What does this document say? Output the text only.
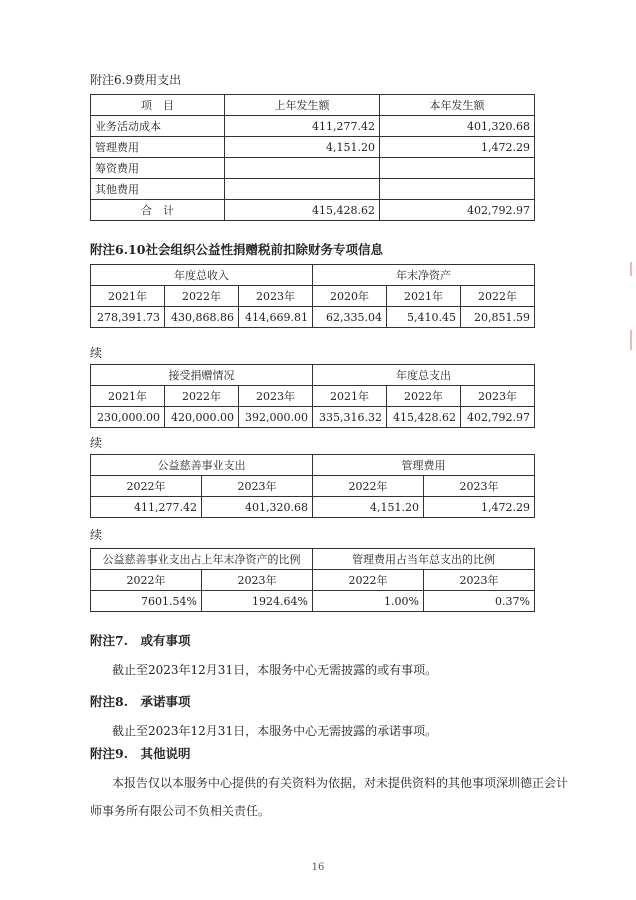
附注6.9费用支出
项　目	上年发生额	本年发生额
业务活动成本	411,277.42	401,320.68
管理费用	4,151.20	1,472.29
筹资费用		
其他费用		
合　计	415,428.62	402,792.97
附注6.10社会组织公益性捐赠税前扣除财务专项信息
年度总收入			年末净资产		
2021年	2022年	2023年	2020年	2021年	2022年
278,391.73	430,868.86	414,669.81	62,335.04	5,410.45	20,851.59
续
接受捐赠情况			年度总支出		
2021年	2022年	2023年	2021年	2022年	2023年
230,000.00	420,000.00	392,000.00	335,316.32	415,428.62	402,792.97
续
公益慈善事业支出		管理费用	
2022年	2023年	2022年	2023年
411,277.42	401,320.68	4,151.20	1,472.29
续
公益慈善事业支出占上年末净资产的比例		管理费用占当年总支出的比例	
2022年	2023年	2022年	2023年
7601.54%	1924.64%	1.00%	0.37%
附注7.　或有事项
截止至2023年12月31日，本服务中心无需披露的或有事项。
附注8.　承诺事项
截止至2023年12月31日，本服务中心无需披露的承诺事项。
附注9.　其他说明
本报告仅以本服务中心提供的有关资料为依据，对未提供资料的其他事项深圳德正会计
师事务所有限公司不负相关责任。
16
